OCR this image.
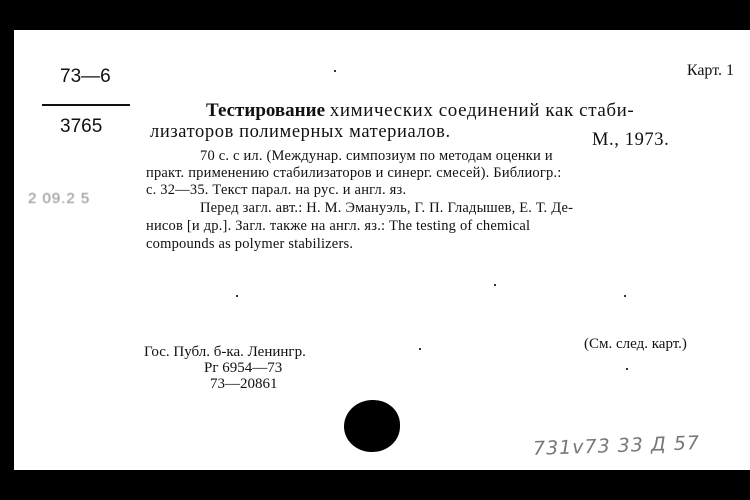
73—6
3765
2 09.2 5
Карт. 1
Тестирование химических соединений как стаби-
лизаторов полимерных материалов.	М., 1973.
70 с. с ил. (Междунар. симпозиум по методам оценки и
практ. применению стабилизаторов и синерг. смесей). Библиогр.:
с. 32—35. Текст парал. на рус. и англ. яз.
Перед загл. авт.: Н. М. Эмануэль, Г. П. Гладышев, Е. Т. Де-
нисов [и др.]. Загл. также на англ. яз.: The testing of chemical
compounds as polymer stabilizers.
Гос. Публ. б-ка. Ленингр.
Рг 6954—73
73—20861
(См. след. карт.)
731v73 33 Д 57
